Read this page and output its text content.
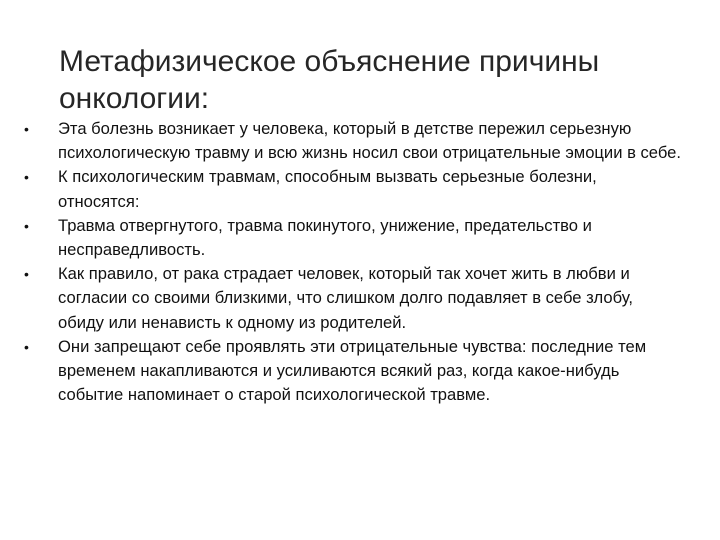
Метафизическое объяснение причины онкологии:
• Эта болезнь возникает у человека, который в детстве пережил серьезную психологическую травму и всю жизнь носил свои отрицательные эмоции в себе.
• К психологическим травмам, способным вызвать серьезные болезни, относятся:
• Травма отвергнутого, травма покинутого, унижение, предательство и несправедливость.
• Как правило, от рака страдает человек, который так хочет жить в любви и согласии со своими близкими, что слишком долго подавляет в себе злобу, обиду или ненависть к одному из родителей.
• Они запрещают себе проявлять эти отрицательные чувства: последние тем временем накапливаются и усиливаются всякий раз, когда какое-нибудь событие напоминает о старой психологической травме.
